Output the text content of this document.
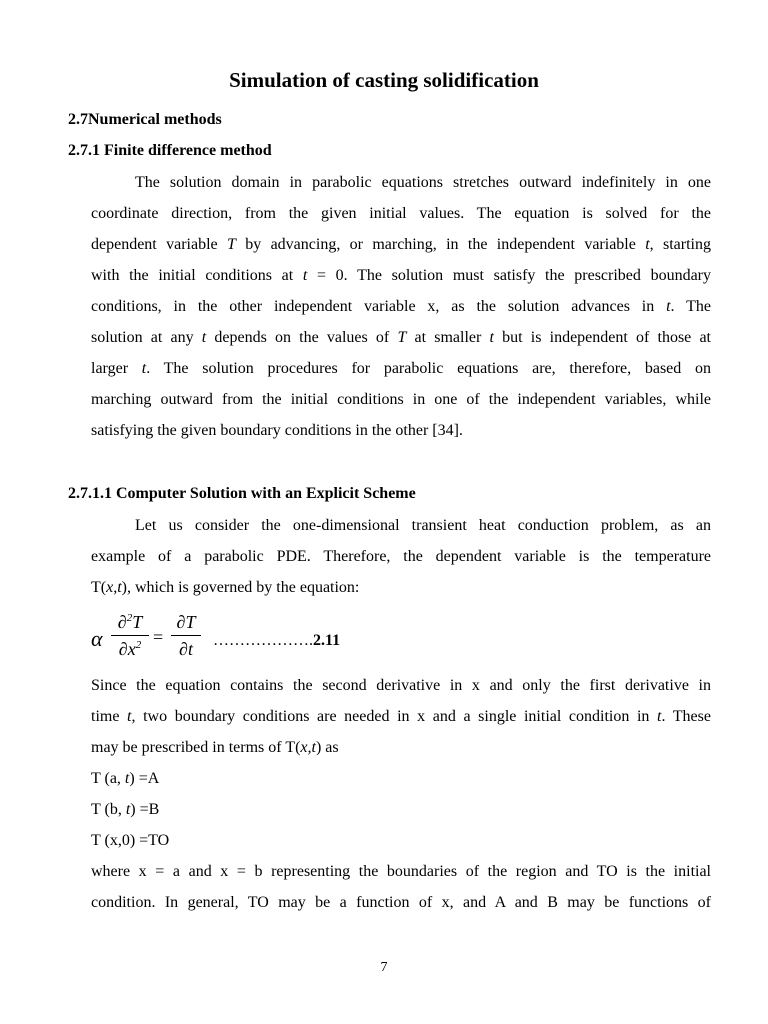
Simulation of casting solidification
2.7Numerical methods
2.7.1 Finite difference method
The solution domain in parabolic equations stretches outward indefinitely in one
coordinate direction, from the given initial values. The equation is solved for the
dependent variable T by advancing, or marching, in the independent variable t, starting
with the initial conditions at t = 0. The solution must satisfy the prescribed boundary
conditions, in the other independent variable x, as the solution advances in t. The
solution at any t depends on the values of T at smaller t but is independent of those at
larger t. The solution procedures for parabolic equations are, therefore, based on
marching outward from the initial conditions in one of the independent variables, while
satisfying the given boundary conditions in the other [34].
2.7.1.1 Computer Solution with an Explicit Scheme
Let us consider the one-dimensional transient heat conduction problem, as an
example of a parabolic PDE. Therefore, the dependent variable is the temperature
T(x,t), which is governed by the equation:
α
∂$^2$T
$\partial x^2$ =
∂T
∂t	……………….2.11
Since the equation contains the second derivative in x and only the first derivative in
time t, two boundary conditions are needed in x and a single initial condition in t. These
may be prescribed in terms of T(x,t) as
T (a, t) =A
T (b, t) =B
T (x,0) =TO
where x = a and x = b representing the boundaries of the region and TO is the initial
condition. In general, TO may be a function of x, and A and B may be functions of
7
